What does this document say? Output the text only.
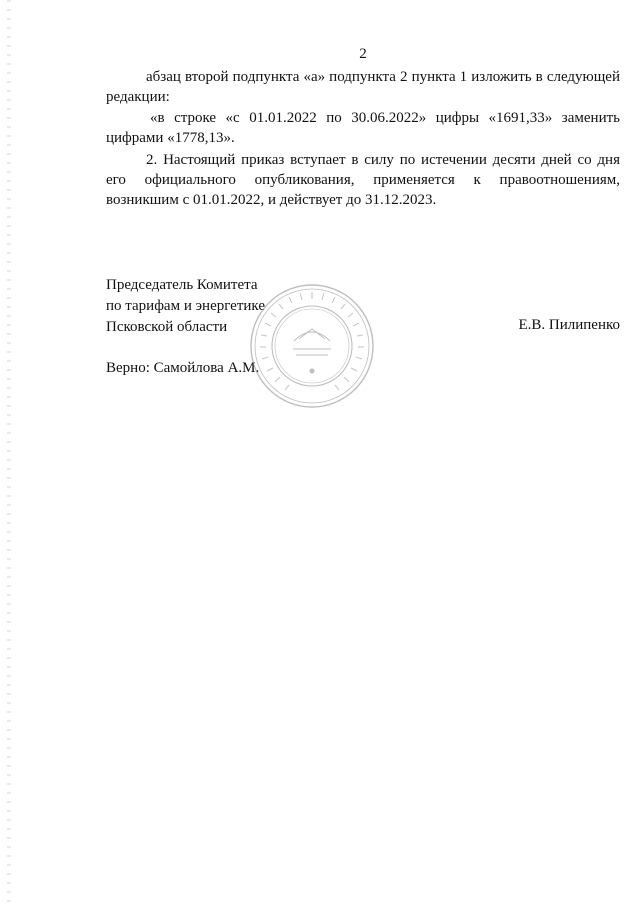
2

абзац второй подпункта «а» подпункта 2 пункта 1 изложить в следующей редакции:

«в строке «с 01.01.2022 по 30.06.2022» цифры «1691,33» заменить цифрами «1778,13».

2. Настоящий приказ вступает в силу по истечении десяти дней со дня его официального опубликования, применяется к правоотношениям, возникшим с 01.01.2022, и действует до 31.12.2023.

Председатель Комитета
по тарифам и энергетике
Псковской области	Е.В. Пилипенко
Верно: Самойлова А.М.
